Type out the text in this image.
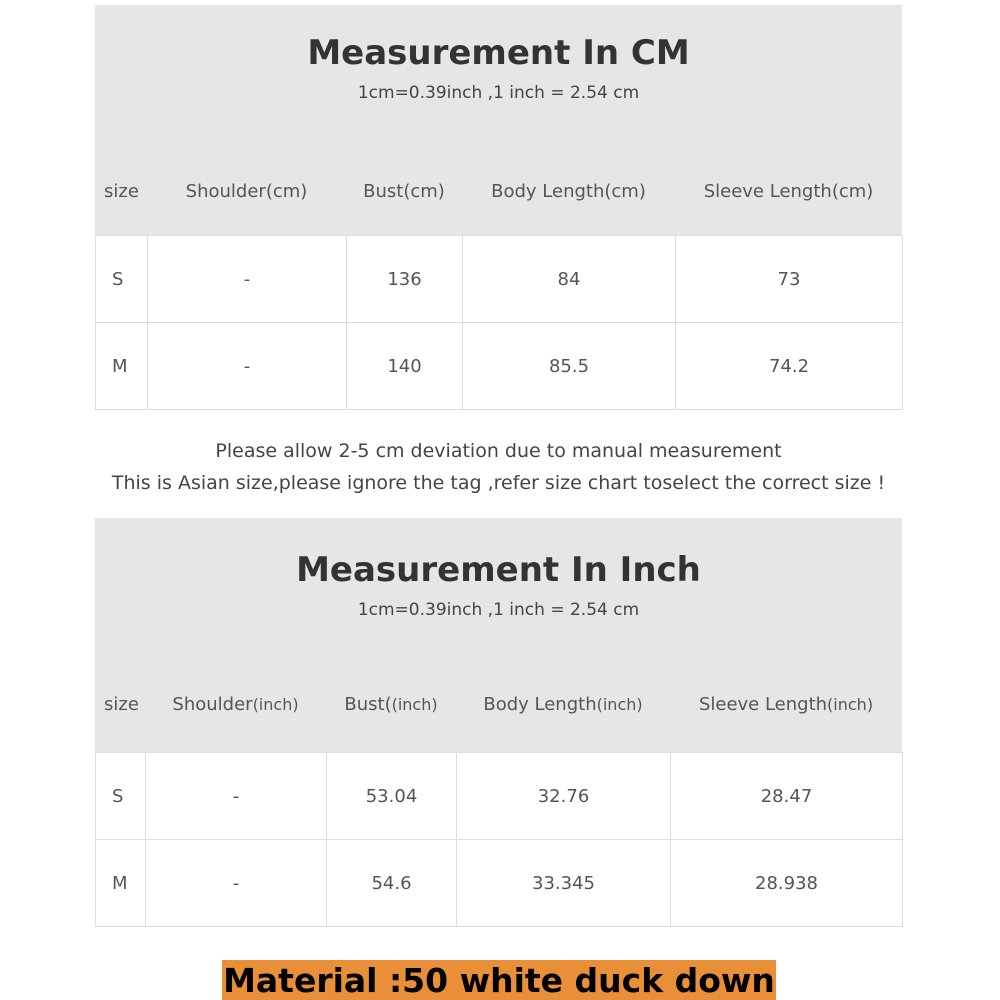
Measurement In CM
1cm=0.39inch ,1 inch = 2.54 cm
size	Shoulder(cm)	Bust(cm)	Body Length(cm)	Sleeve Length(cm)
S	-	136	84	73
M	-	140	85.5	74.2
Please allow 2-5 cm deviation due to manual measurement
This is Asian size,please ignore the tag ,refer size chart toselect the correct size !
Measurement In Inch
1cm=0.39inch ,1 inch = 2.54 cm
size	Shoulder(inch)	Bust((inch)	Body Length(inch)	Sleeve Length(inch)
S	-	53.04	32.76	28.47
M	-	54.6	33.345	28.938
Material :50 white duck down
